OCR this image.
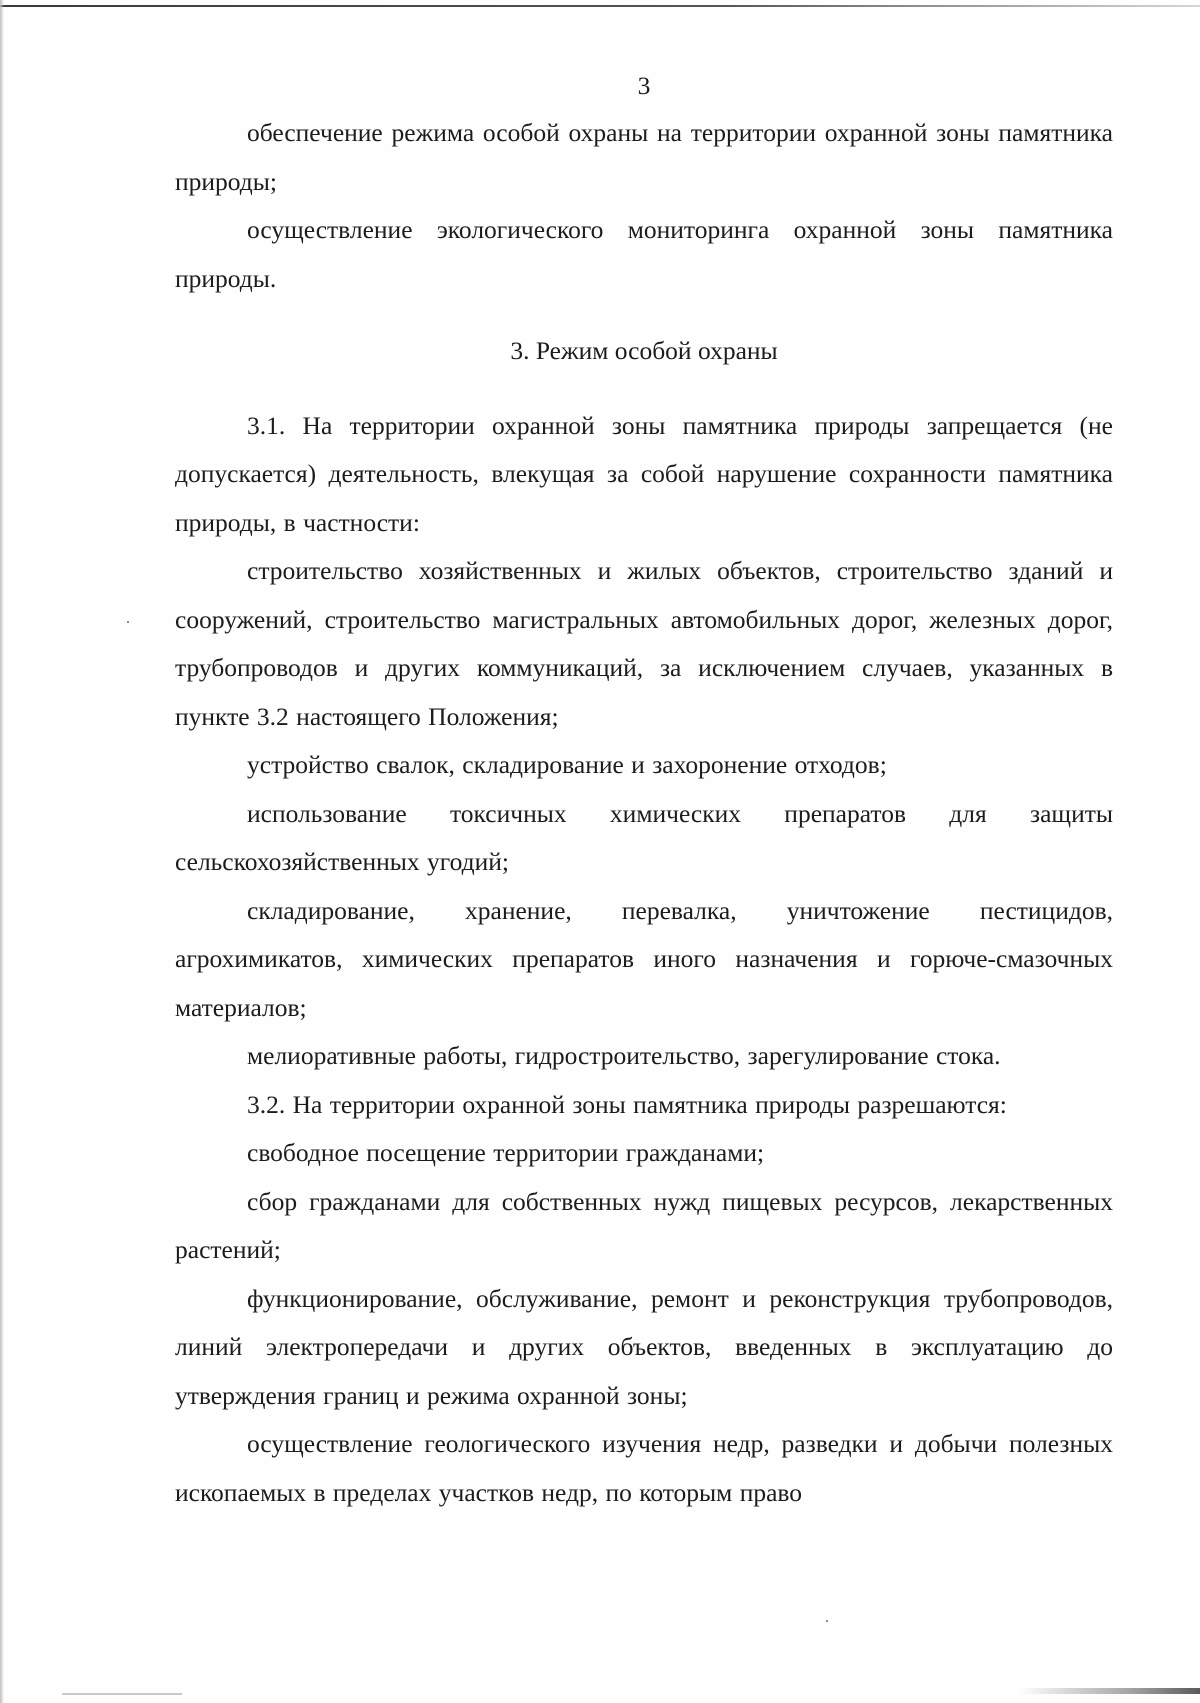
3

обеспечение режима особой охраны на территории охранной зоны памятника природы;

осуществление экологического мониторинга охранной зоны памятника природы.

3. Режим особой охраны

3.1. На территории охранной зоны памятника природы запрещается (не допускается) деятельность, влекущая за собой нарушение сохранности памятника природы, в частности:

строительство хозяйственных и жилых объектов, строительство зданий и сооружений, строительство магистральных автомобильных дорог, железных дорог, трубопроводов и других коммуникаций, за исключением случаев, указанных в пункте 3.2 настоящего Положения;

устройство свалок, складирование и захоронение отходов;

использование токсичных химических препаратов для защиты сельскохозяйственных угодий;

складирование, хранение, перевалка, уничтожение пестицидов, агрохимикатов, химических препаратов иного назначения и горюче-смазочных материалов;

мелиоративные работы, гидростроительство, зарегулирование стока.

3.2. На территории охранной зоны памятника природы разрешаются:

свободное посещение территории гражданами;

сбор гражданами для собственных нужд пищевых ресурсов, лекарственных растений;

функционирование, обслуживание, ремонт и реконструкция трубопроводов, линий электропередачи и других объектов, введенных в эксплуатацию до утверждения границ и режима охранной зоны;

осуществление геологического изучения недр, разведки и добычи полезных ископаемых в пределах участков недр, по которым право
